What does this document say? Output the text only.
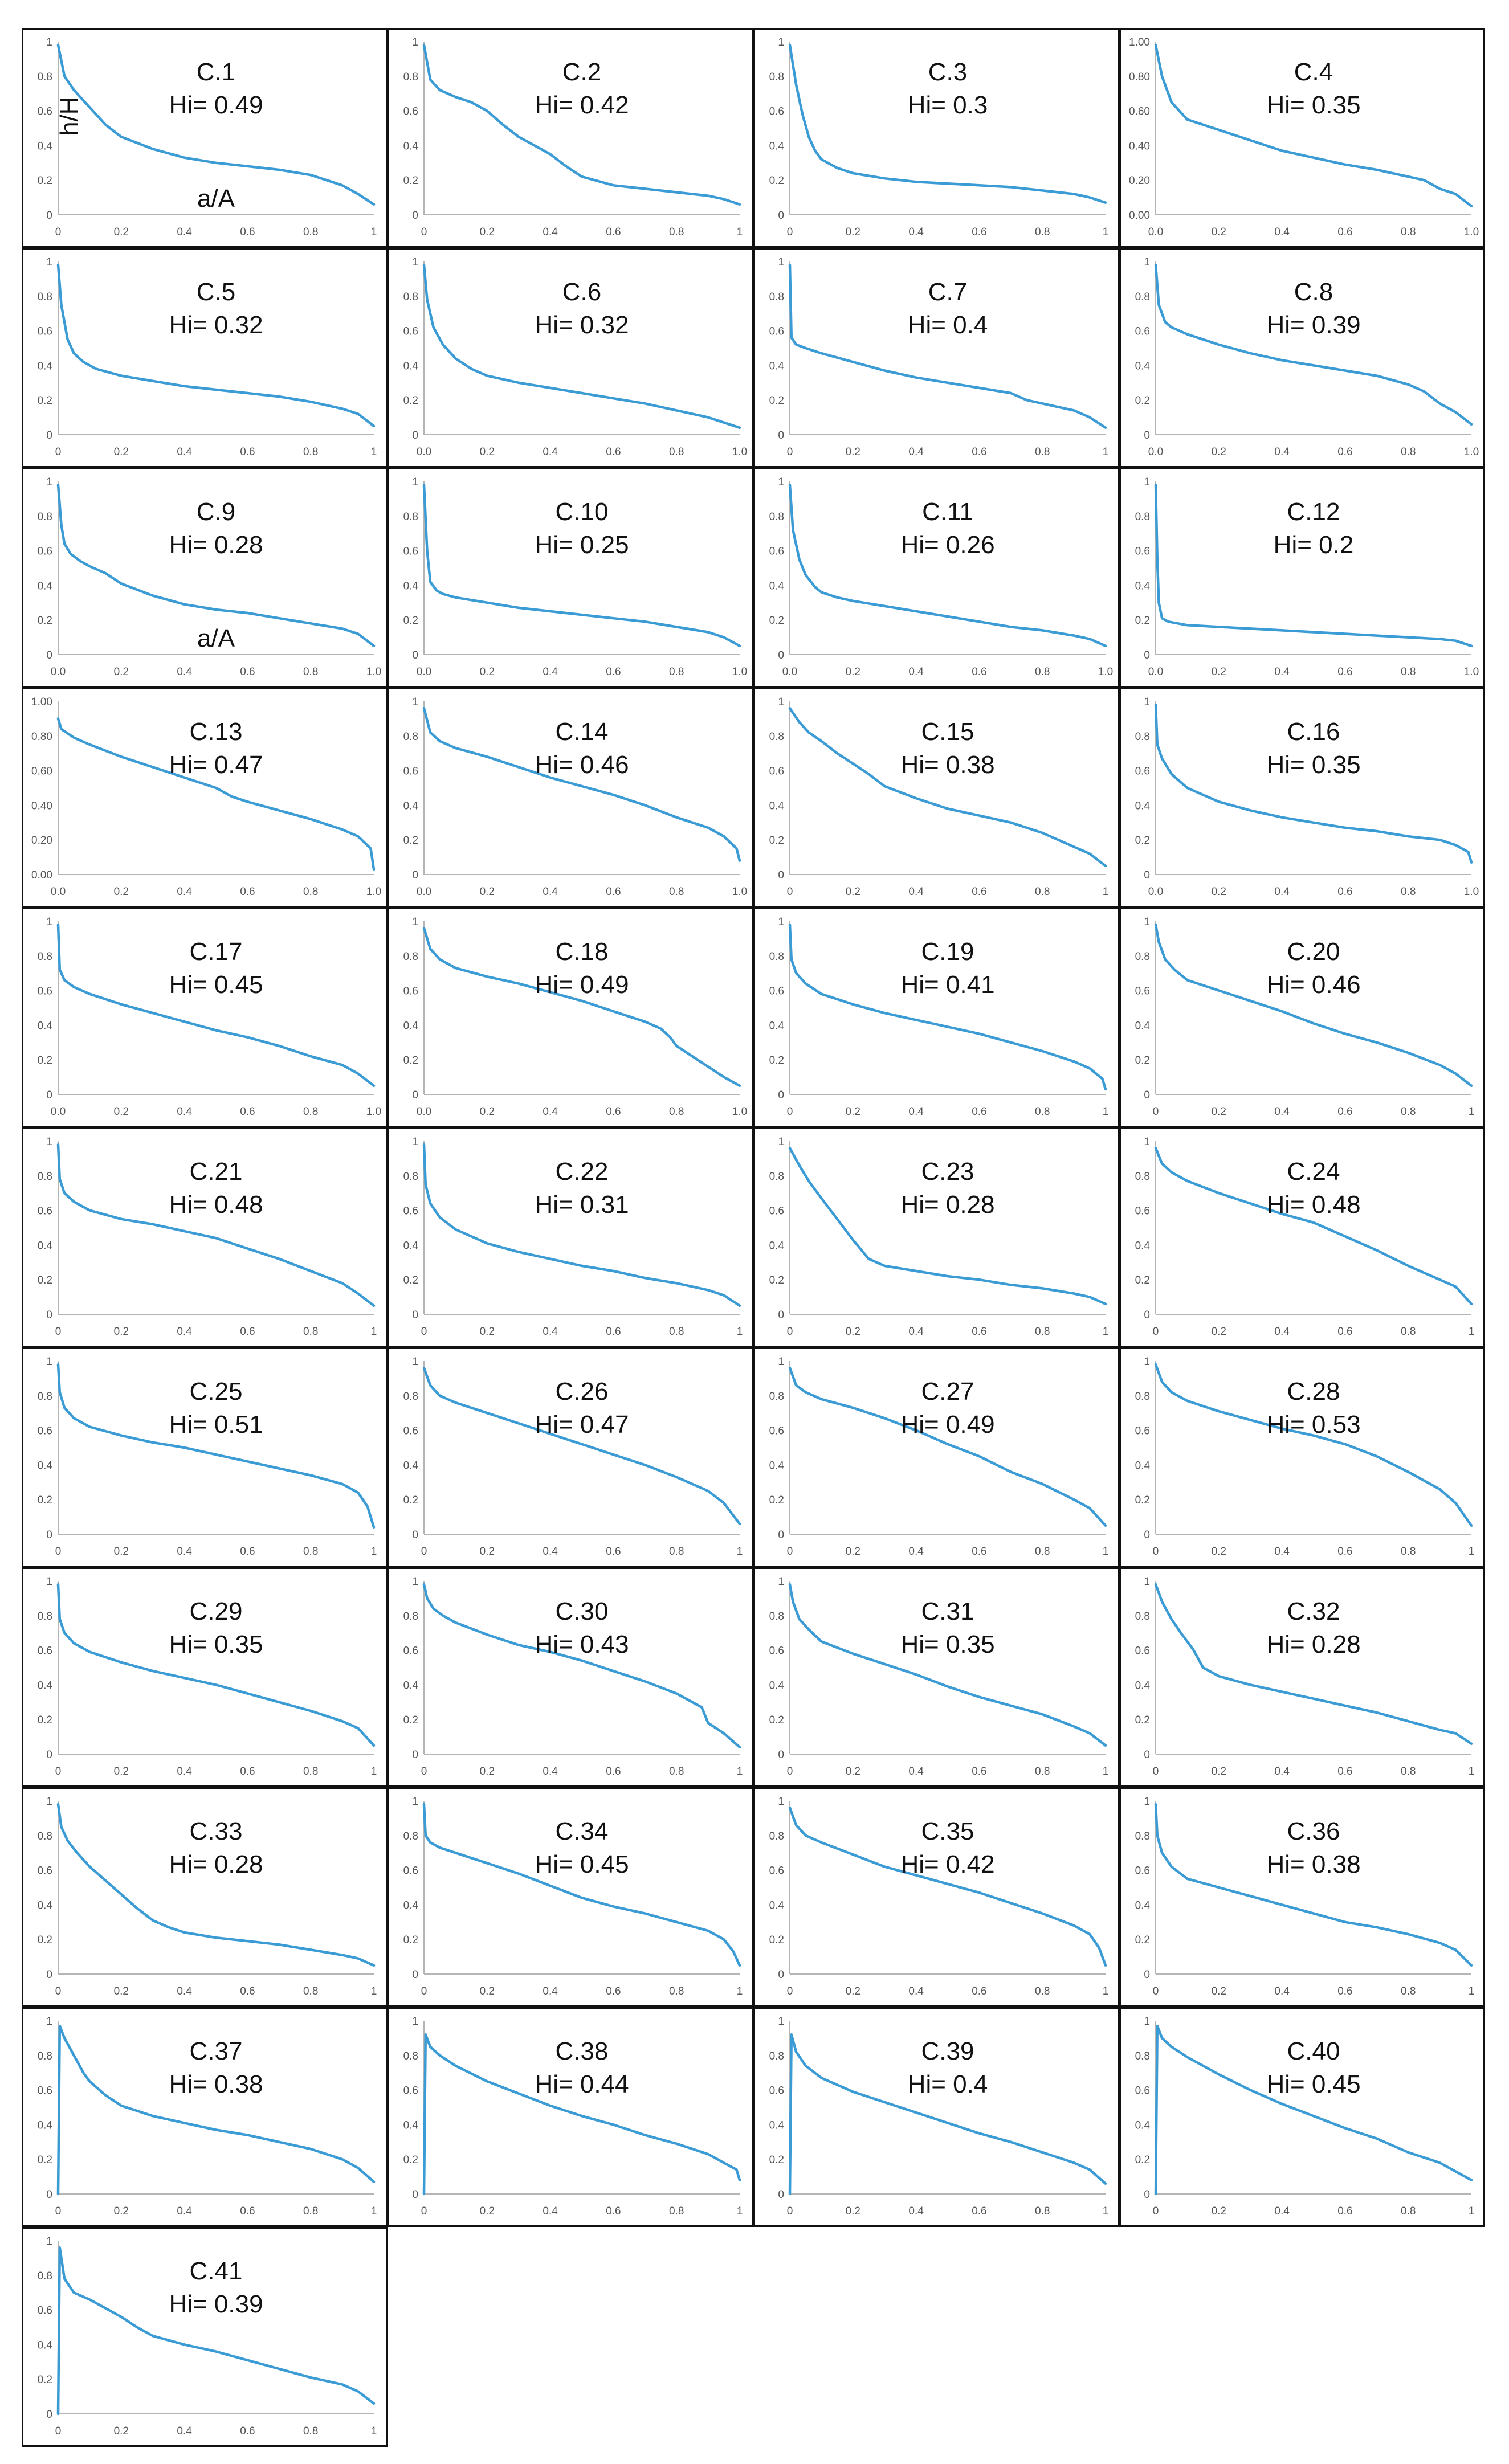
0
0.2
0.4
0.6
0.8
1
0	0.2	0.4	0.6	0.8	1
C.1
Hi= 0.49
h/H
a/A
0
0.2
0.4
0.6
0.8
1
0	0.2	0.4	0.6	0.8	1
C.2
Hi= 0.42
0
0.2
0.4
0.6
0.8
1
0	0.2	0.4	0.6	0.8	1
C.3
Hi= 0.3
0.00
0.20
0.40
0.60
0.80
1.00
0.0	0.2	0.4	0.6	0.8	1.0
C.4
Hi= 0.35
0
0.2
0.4
0.6
0.8
1
0	0.2	0.4	0.6	0.8	1
C.5
Hi= 0.32
0
0.2
0.4
0.6
0.8
1
0.0	0.2	0.4	0.6	0.8	1.0
C.6
Hi= 0.32
0
0.2
0.4
0.6
0.8
1
0	0.2	0.4	0.6	0.8	1
C.7
Hi= 0.4
0
0.2
0.4
0.6
0.8
1
0.0	0.2	0.4	0.6	0.8	1.0
C.8
Hi= 0.39
0
0.2
0.4
0.6
0.8
1
0.0	0.2	0.4	0.6	0.8	1.0
C.9
Hi= 0.28
a/A
0
0.2
0.4
0.6
0.8
1
0.0	0.2	0.4	0.6	0.8	1.0
C.10
Hi= 0.25
0
0.2
0.4
0.6
0.8
1
0.0	0.2	0.4	0.6	0.8	1.0
C.11
Hi= 0.26
0
0.2
0.4
0.6
0.8
1
0.0	0.2	0.4	0.6	0.8	1.0
C.12
Hi= 0.2
0.00
0.20
0.40
0.60
0.80
1.00
0.0	0.2	0.4	0.6	0.8	1.0
C.13
Hi= 0.47
0
0.2
0.4
0.6
0.8
1
0.0	0.2	0.4	0.6	0.8	1.0
C.14
Hi= 0.46
0
0.2
0.4
0.6
0.8
1
0	0.2	0.4	0.6	0.8	1
C.15
Hi= 0.38
0
0.2
0.4
0.6
0.8
1
0.0	0.2	0.4	0.6	0.8	1.0
C.16
Hi= 0.35
0
0.2
0.4
0.6
0.8
1
0.0	0.2	0.4	0.6	0.8	1.0
C.17
Hi= 0.45
0
0.2
0.4
0.6
0.8
1
0.0	0.2	0.4	0.6	0.8	1.0
C.18
Hi= 0.49
0
0.2
0.4
0.6
0.8
1
0	0.2	0.4	0.6	0.8	1
C.19
Hi= 0.41
0
0.2
0.4
0.6
0.8
1
0	0.2	0.4	0.6	0.8	1
C.20
Hi= 0.46
0
0.2
0.4
0.6
0.8
1
0	0.2	0.4	0.6	0.8	1
C.21
Hi= 0.48
0
0.2
0.4
0.6
0.8
1
0	0.2	0.4	0.6	0.8	1
C.22
Hi= 0.31
0
0.2
0.4
0.6
0.8
1
0	0.2	0.4	0.6	0.8	1
C.23
Hi= 0.28
0
0.2
0.4
0.6
0.8
1
0	0.2	0.4	0.6	0.8	1
C.24
Hi= 0.48
0
0.2
0.4
0.6
0.8
1
0	0.2	0.4	0.6	0.8	1
C.25
Hi= 0.51
0
0.2
0.4
0.6
0.8
1
0	0.2	0.4	0.6	0.8	1
C.26
Hi= 0.47
0
0.2
0.4
0.6
0.8
1
0	0.2	0.4	0.6	0.8	1
C.27
Hi= 0.49
0
0.2
0.4
0.6
0.8
1
0	0.2	0.4	0.6	0.8	1
C.28
Hi= 0.53
0
0.2
0.4
0.6
0.8
1
0	0.2	0.4	0.6	0.8	1
C.29
Hi= 0.35
0
0.2
0.4
0.6
0.8
1
0	0.2	0.4	0.6	0.8	1
C.30
Hi= 0.43
0
0.2
0.4
0.6
0.8
1
0	0.2	0.4	0.6	0.8	1
C.31
Hi= 0.35
0
0.2
0.4
0.6
0.8
1
0	0.2	0.4	0.6	0.8	1
C.32
Hi= 0.28
0
0.2
0.4
0.6
0.8
1
0	0.2	0.4	0.6	0.8	1
C.33
Hi= 0.28
0
0.2
0.4
0.6
0.8
1
0	0.2	0.4	0.6	0.8	1
C.34
Hi= 0.45
0
0.2
0.4
0.6
0.8
1
0	0.2	0.4	0.6	0.8	1
C.35
Hi= 0.42
0
0.2
0.4
0.6
0.8
1
0	0.2	0.4	0.6	0.8	1
C.36
Hi= 0.38
0
0.2
0.4
0.6
0.8
1
0	0.2	0.4	0.6	0.8	1
C.37
Hi= 0.38
0
0.2
0.4
0.6
0.8
1
0	0.2	0.4	0.6	0.8	1
C.38
Hi= 0.44
0
0.2
0.4
0.6
0.8
1
0	0.2	0.4	0.6	0.8	1
C.39
Hi= 0.4
0
0.2
0.4
0.6
0.8
1
0	0.2	0.4	0.6	0.8	1
C.40
Hi= 0.45
0
0.2
0.4
0.6
0.8
1
0	0.2	0.4	0.6	0.8	1
C.41
Hi= 0.39
